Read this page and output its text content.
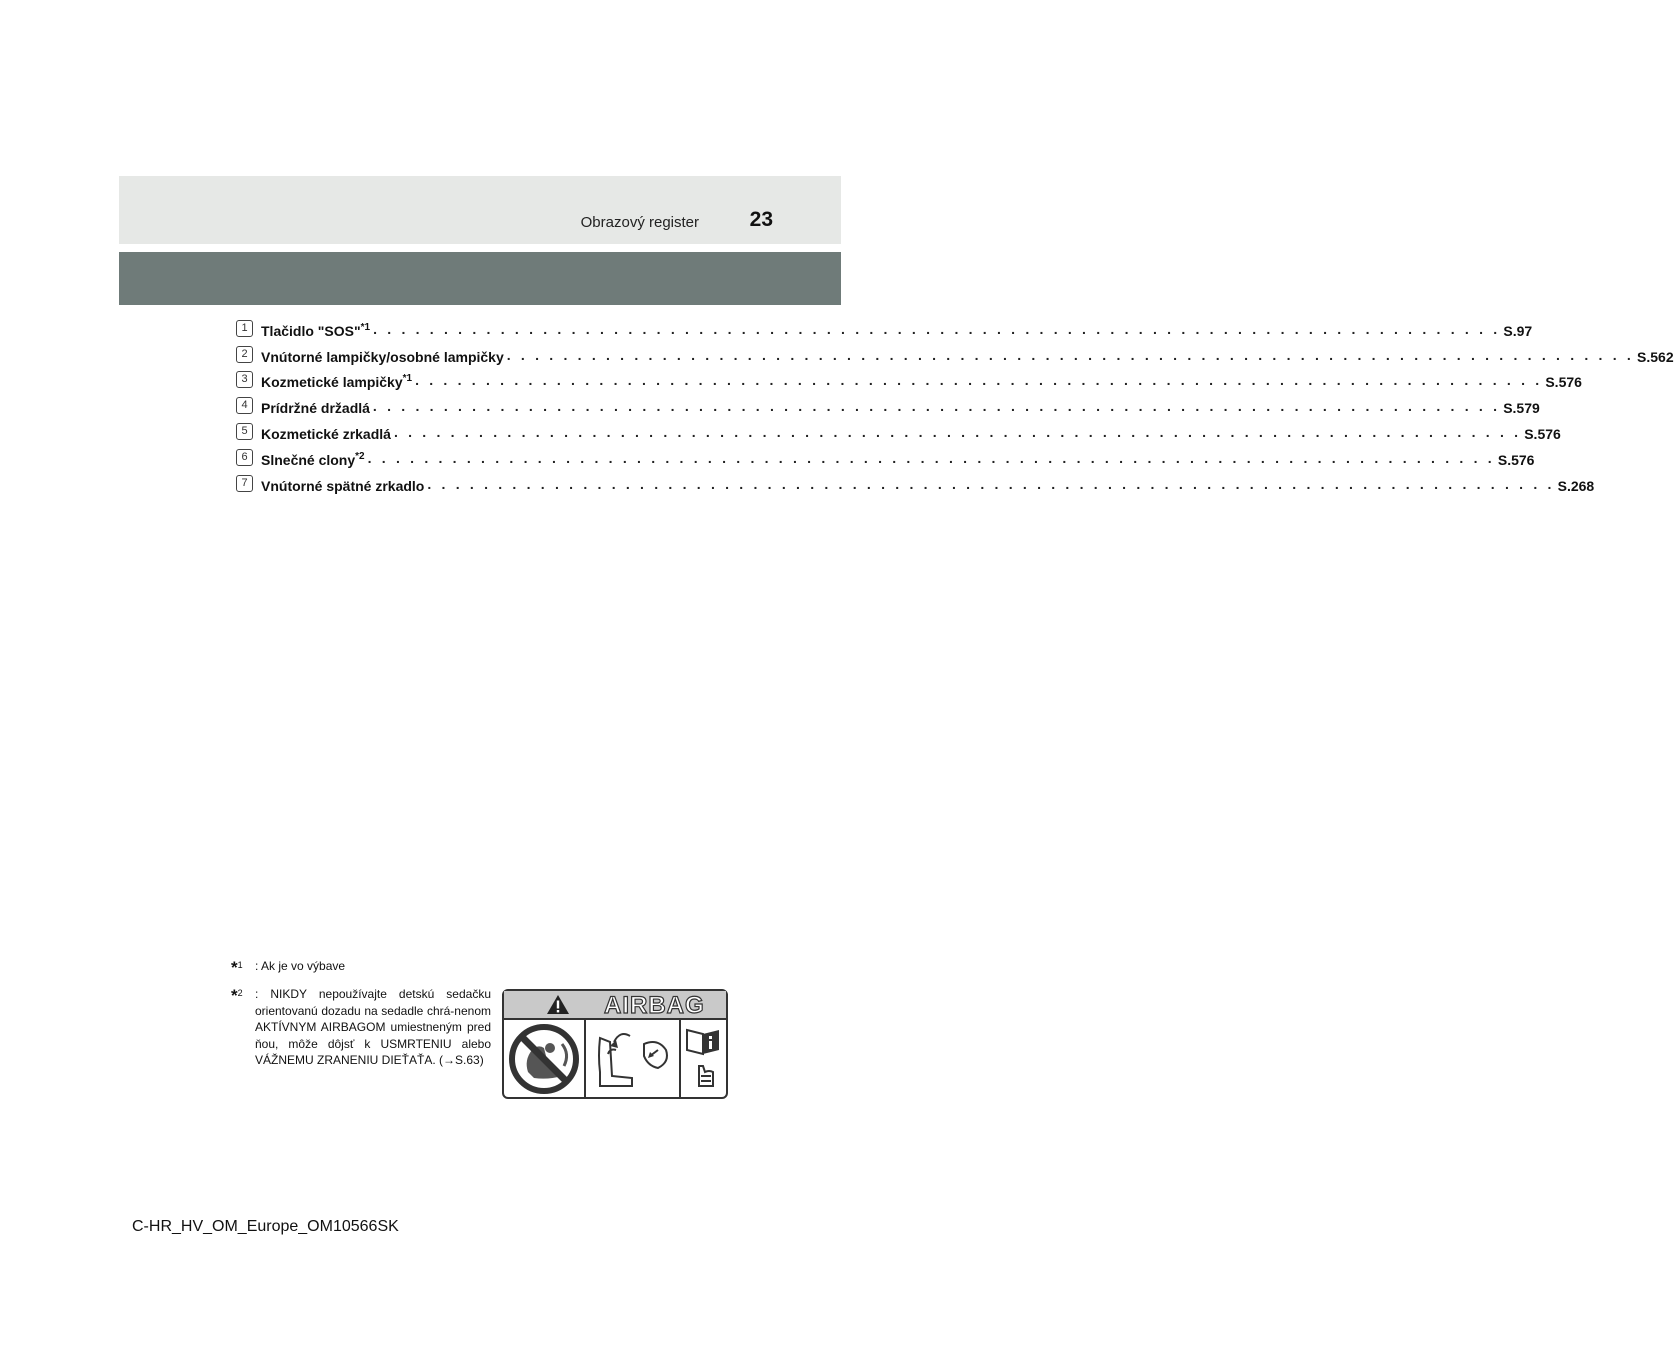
Obrazový register 23
1 Tlačidlo "SOS"$^{*1}$ . . . . . . . . . . . . . . . . . . . . . . . . . . . . . . . . . . . . . . . . . . . . . . . . . . . . . . . . . . . . . . . . . . . . . . . . . . . . . . . . S.97
2 Vnútorné lampičky/osobné lampičky . . . . . . . . . . . . . . . . . . . . . . . . . . . . . . . . . . . . . . . . . . . . . . . . . . . . . . . . . . . . . . . . . . . . . . . . . . . . . . . . S.562
3 Kozmetické lampičky$^{*1}$ . . . . . . . . . . . . . . . . . . . . . . . . . . . . . . . . . . . . . . . . . . . . . . . . . . . . . . . . . . . . . . . . . . . . . . . . . . . . . . . . S.576
4 Prídržné držadlá . . . . . . . . . . . . . . . . . . . . . . . . . . . . . . . . . . . . . . . . . . . . . . . . . . . . . . . . . . . . . . . . . . . . . . . . . . . . . . . . S.579
5 Kozmetické zrkadlá . . . . . . . . . . . . . . . . . . . . . . . . . . . . . . . . . . . . . . . . . . . . . . . . . . . . . . . . . . . . . . . . . . . . . . . . . . . . . . . . S.576
6 Slnečné clony$^{*2}$ . . . . . . . . . . . . . . . . . . . . . . . . . . . . . . . . . . . . . . . . . . . . . . . . . . . . . . . . . . . . . . . . . . . . . . . . . . . . . . . . S.576
7 Vnútorné spätné zrkadlo . . . . . . . . . . . . . . . . . . . . . . . . . . . . . . . . . . . . . . . . . . . . . . . . . . . . . . . . . . . . . . . . . . . . . . . . . . . . . . . . S.268
*$^1$	: Ak je vo výbave
*$^2$	: NIKDY nepoužívajte detskú sedačku orientovanú dozadu na sedadle chrá-nenom AKTÍVNYM AIRBAGOM umiestneným pred ňou, môže dôjsť k USMRTENIU alebo VÁŽNEMU ZRANENIU DIEŤAŤA. (→S.63)
AIRBAG
C-HR_HV_OM_Europe_OM10566SK
